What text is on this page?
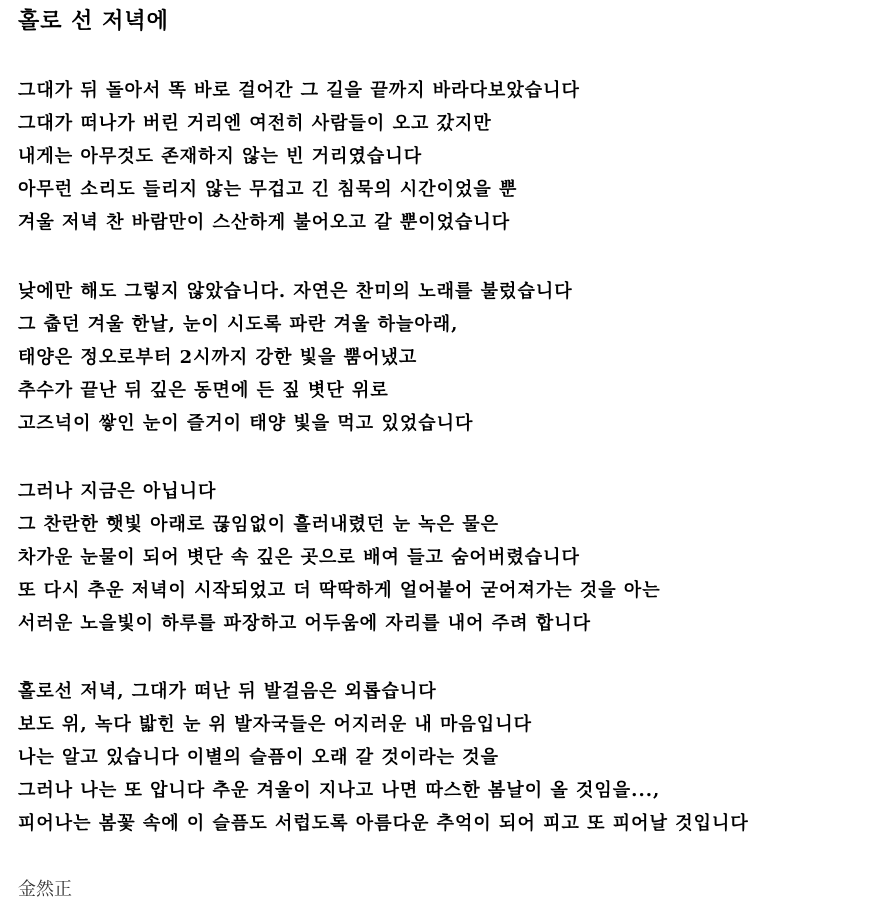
홀로 선 저녁에
그대가 뒤 돌아서 똑 바로 걸어간 그 길을 끝까지 바라다보았습니다
그대가 떠나가 버린 거리엔 여전히 사람들이 오고 갔지만
내게는 아무것도 존재하지 않는 빈 거리였습니다
아무런 소리도 들리지 않는 무겁고 긴 침묵의 시간이었을 뿐
겨울 저녁 찬 바람만이 스산하게 불어오고 갈 뿐이었습니다
낮에만 해도 그렇지 않았습니다. 자연은 찬미의 노래를 불렀습니다
그 춥던 겨울 한날, 눈이 시도록 파란 겨울 하늘아래,
태양은 정오로부터 2시까지 강한 빛을 뿜어냈고
추수가 끝난 뒤 깊은 동면에 든 짚 볏단 위로
고즈넉이 쌓인 눈이 즐거이 태양 빛을 먹고 있었습니다
그러나 지금은 아닙니다
그 찬란한 햇빛 아래로 끊임없이 흘러내렸던 눈 녹은 물은
차가운 눈물이 되어 볏단 속 깊은 곳으로 배여 들고 숨어버렸습니다
또 다시 추운 저녁이 시작되었고 더 딱딱하게 얼어붙어 굳어져가는 것을 아는
서러운 노을빛이 하루를 파장하고 어두움에 자리를 내어 주려 합니다
홀로선 저녁, 그대가 떠난 뒤 발걸음은 외롭습니다
보도 위, 녹다 밟힌 눈 위 발자국들은 어지러운 내 마음입니다
나는 알고 있습니다 이별의 슬픔이 오래 갈 것이라는 것을
그러나 나는 또 압니다 추운 겨울이 지나고 나면 따스한 봄날이 올 것임을...,
피어나는 봄꽃 속에 이 슬픔도 서럽도록 아름다운 추억이 되어 피고 또 피어날 것입니다
金然正
